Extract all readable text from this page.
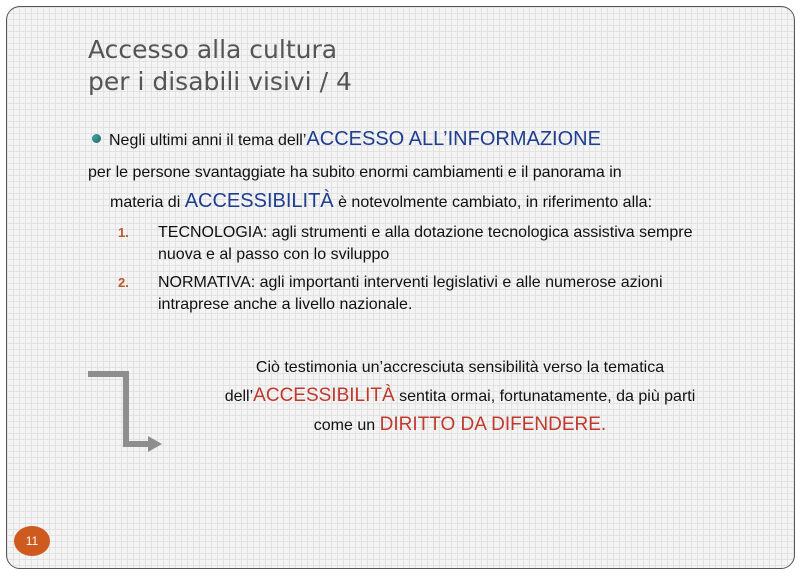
Accesso alla cultura
per i disabili visivi / 4
Negli ultimi anni il tema dell’ACCESSO ALL’INFORMAZIONE
per le persone svantaggiate ha subito enormi cambiamenti e il panorama in
materia di ACCESSIBILITÀ è notevolmente cambiato, in riferimento alla:
1. TECNOLOGIA: agli strumenti e alla dotazione tecnologica assistiva sempre nuova e al passo con lo sviluppo
2. NORMATIVA: agli importanti interventi legislativi e alle numerose azioni intraprese anche a livello nazionale.
Ciò testimonia un’accresciuta sensibilità verso la tematica
dell’ACCESSIBILITÀ sentita ormai, fortunatamente, da più parti
come un DIRITTO DA DIFENDERE.
11
